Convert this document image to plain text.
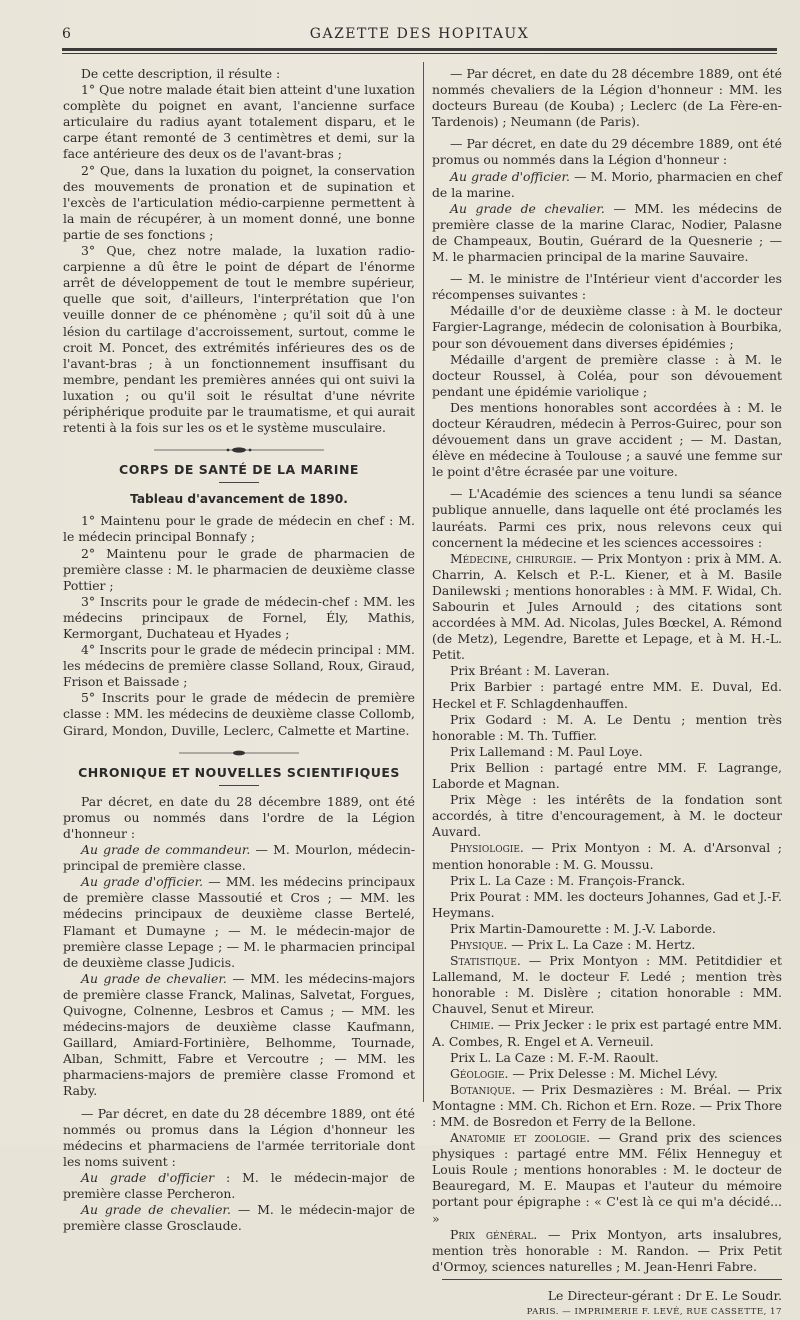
6	GAZETTE DES HOPITAUX

De cette description, il résulte :

1° Que notre malade était bien atteint d'une luxation complète du poignet en avant, l'ancienne surface articulaire du radius ayant totalement disparu, et le carpe étant remonté de 3 centimètres et demi, sur la face antérieure des deux os de l'avant-bras ;

2° Que, dans la luxation du poignet, la conservation des mouvements de pronation et de supination et l'excès de l'articulation médio-carpienne permettent à la main de récupérer, à un moment donné, une bonne partie de ses fonctions ;

3° Que, chez notre malade, la luxation radio-carpienne a dû être le point de départ de l'énorme arrêt de développement de tout le membre supérieur, quelle que soit, d'ailleurs, l'interprétation que l'on veuille donner de ce phénomène ; qu'il soit dû à une lésion du cartilage d'accroissement, surtout, comme le croit M. Poncet, des extrémités inférieures des os de l'avant-bras ; à un fonctionnement insuffisant du membre, pendant les premières années qui ont suivi la luxation ; ou qu'il soit le résultat d'une névrite périphérique produite par le traumatisme, et qui aurait retenti à la fois sur les os et le système musculaire.

CORPS DE SANTÉ DE LA MARINE
Tableau d'avancement de 1890.

1° Maintenu pour le grade de médecin en chef : M. le médecin principal Bonnafy ;

2° Maintenu pour le grade de pharmacien de première classe : M. le pharmacien de deuxième classe Pottier ;

3° Inscrits pour le grade de médecin-chef : MM. les médecins principaux de Fornel, Ély, Mathis, Kermorgant, Duchateau et Hyades ;

4° Inscrits pour le grade de médecin principal : MM. les médecins de première classe Solland, Roux, Giraud, Frison et Baissade ;

5° Inscrits pour le grade de médecin de première classe : MM. les médecins de deuxième classe Collomb, Girard, Mondon, Duville, Leclerc, Calmette et Martine.

CHRONIQUE ET NOUVELLES SCIENTIFIQUES

Par décret, en date du 28 décembre 1889, ont été promus ou nommés dans l'ordre de la Légion d'honneur :

Au grade de commandeur. — M. Mourlon, médecin-principal de première classe.

Au grade d'officier. — MM. les médecins principaux de première classe Massoutié et Cros ; — MM. les médecins principaux de deuxième classe Bertelé, Flamant et Dumayne ; — M. le médecin-major de première classe Lepage ; — M. le pharmacien principal de deuxième classe Judicis.

Au grade de chevalier. — MM. les médecins-majors de première classe Franck, Malinas, Salvetat, Forgues, Quivogne, Colnenne, Lesbros et Camus ; — MM. les médecins-majors de deuxième classe Kaufmann, Gaillard, Amiard-Fortinière, Belhomme, Tournade, Alban, Schmitt, Fabre et Vercoutre ; — MM. les pharmaciens-majors de première classe Fromond et Raby.

— Par décret, en date du 28 décembre 1889, ont été nommés ou promus dans la Légion d'honneur les médecins et pharmaciens de l'armée territoriale dont les noms suivent :

Au grade d'officier : M. le médecin-major de première classe Percheron.

Au grade de chevalier. — M. le médecin-major de première classe Grosclaude.

— Par décret, en date du 28 décembre 1889, ont été nommés chevaliers de la Légion d'honneur : MM. les docteurs Bureau (de Kouba) ; Leclerc (de La Fère-en-Tardenois) ; Neumann (de Paris).

— Par décret, en date du 29 décembre 1889, ont été promus ou nommés dans la Légion d'honneur :

Au grade d'officier. — M. Morio, pharmacien en chef de la marine.

Au grade de chevalier. — MM. les médecins de première classe de la marine Clarac, Nodier, Palasne de Champeaux, Boutin, Guérard de la Quesnerie ; — M. le pharmacien principal de la marine Sauvaire.

— M. le ministre de l'Intérieur vient d'accorder les récompenses suivantes :

Médaille d'or de deuxième classe : à M. le docteur Fargier-Lagrange, médecin de colonisation à Bourbika, pour son dévouement dans diverses épidémies ;

Médaille d'argent de première classe : à M. le docteur Roussel, à Coléa, pour son dévouement pendant une épidémie variolique ;

Des mentions honorables sont accordées à : M. le docteur Kéraudren, médecin à Perros-Guirec, pour son dévouement dans un grave accident ; — M. Dastan, élève en médecine à Toulouse ; a sauvé une femme sur le point d'être écrasée par une voiture.

— L'Académie des sciences a tenu lundi sa séance publique annuelle, dans laquelle ont été proclamés les lauréats. Parmi ces prix, nous relevons ceux qui concernent la médecine et les sciences accessoires :

Médecine, chirurgie. — Prix Montyon : prix à MM. A. Charrin, A. Kelsch et P.-L. Kiener, et à M. Basile Danilewski ; mentions honorables : à MM. F. Widal, Ch. Sabourin et Jules Arnould ; des citations sont accordées à MM. Ad. Nicolas, Jules Bœckel, A. Rémond (de Metz), Legendre, Barette et Lepage, et à M. H.-L. Petit.

Prix Bréant : M. Laveran.

Prix Barbier : partagé entre MM. E. Duval, Ed. Heckel et F. Schlagdenhauffen.

Prix Godard : M. A. Le Dentu ; mention très honorable : M. Th. Tuffier.

Prix Lallemand : M. Paul Loye.

Prix Bellion : partagé entre MM. F. Lagrange, Laborde et Magnan.

Prix Mège : les intérêts de la fondation sont accordés, à titre d'encouragement, à M. le docteur Auvard.

Physiologie. — Prix Montyon : M. A. d'Arsonval ; mention honorable : M. G. Moussu.

Prix L. La Caze : M. François-Franck.

Prix Pourat : MM. les docteurs Johannes, Gad et J.-F. Heymans.

Prix Martin-Damourette : M. J.-V. Laborde.

Physique. — Prix L. La Caze : M. Hertz.

Statistique. — Prix Montyon : MM. Petitdidier et Lallemand, M. le docteur F. Ledé ; mention très honorable : M. Dislère ; citation honorable : MM. Chauvel, Senut et Mireur.

Chimie. — Prix Jecker : le prix est partagé entre MM. A. Combes, R. Engel et A. Verneuil.

Prix L. La Caze : M. F.-M. Raoult.

Géologie. — Prix Delesse : M. Michel Lévy.

Botanique. — Prix Desmazières : M. Bréal. — Prix Montagne : MM. Ch. Richon et Ern. Roze. — Prix Thore : MM. de Bosredon et Ferry de la Bellone.

Anatomie et zoologie. — Grand prix des sciences physiques : partagé entre MM. Félix Henneguy et Louis Roule ; mentions honorables : M. le docteur de Beauregard, M. E. Maupas et l'auteur du mémoire portant pour épigraphe : « C'est là ce qui m'a décidé... »

Prix général. — Prix Montyon, arts insalubres, mention très honorable : M. Randon. — Prix Petit d'Ormoy, sciences naturelles ; M. Jean-Henri Fabre.

Le Directeur-gérant : Dr E. Le Soudr.
PARIS. — IMPRIMERIE F. LEVÉ, RUE CASSETTE, 17
